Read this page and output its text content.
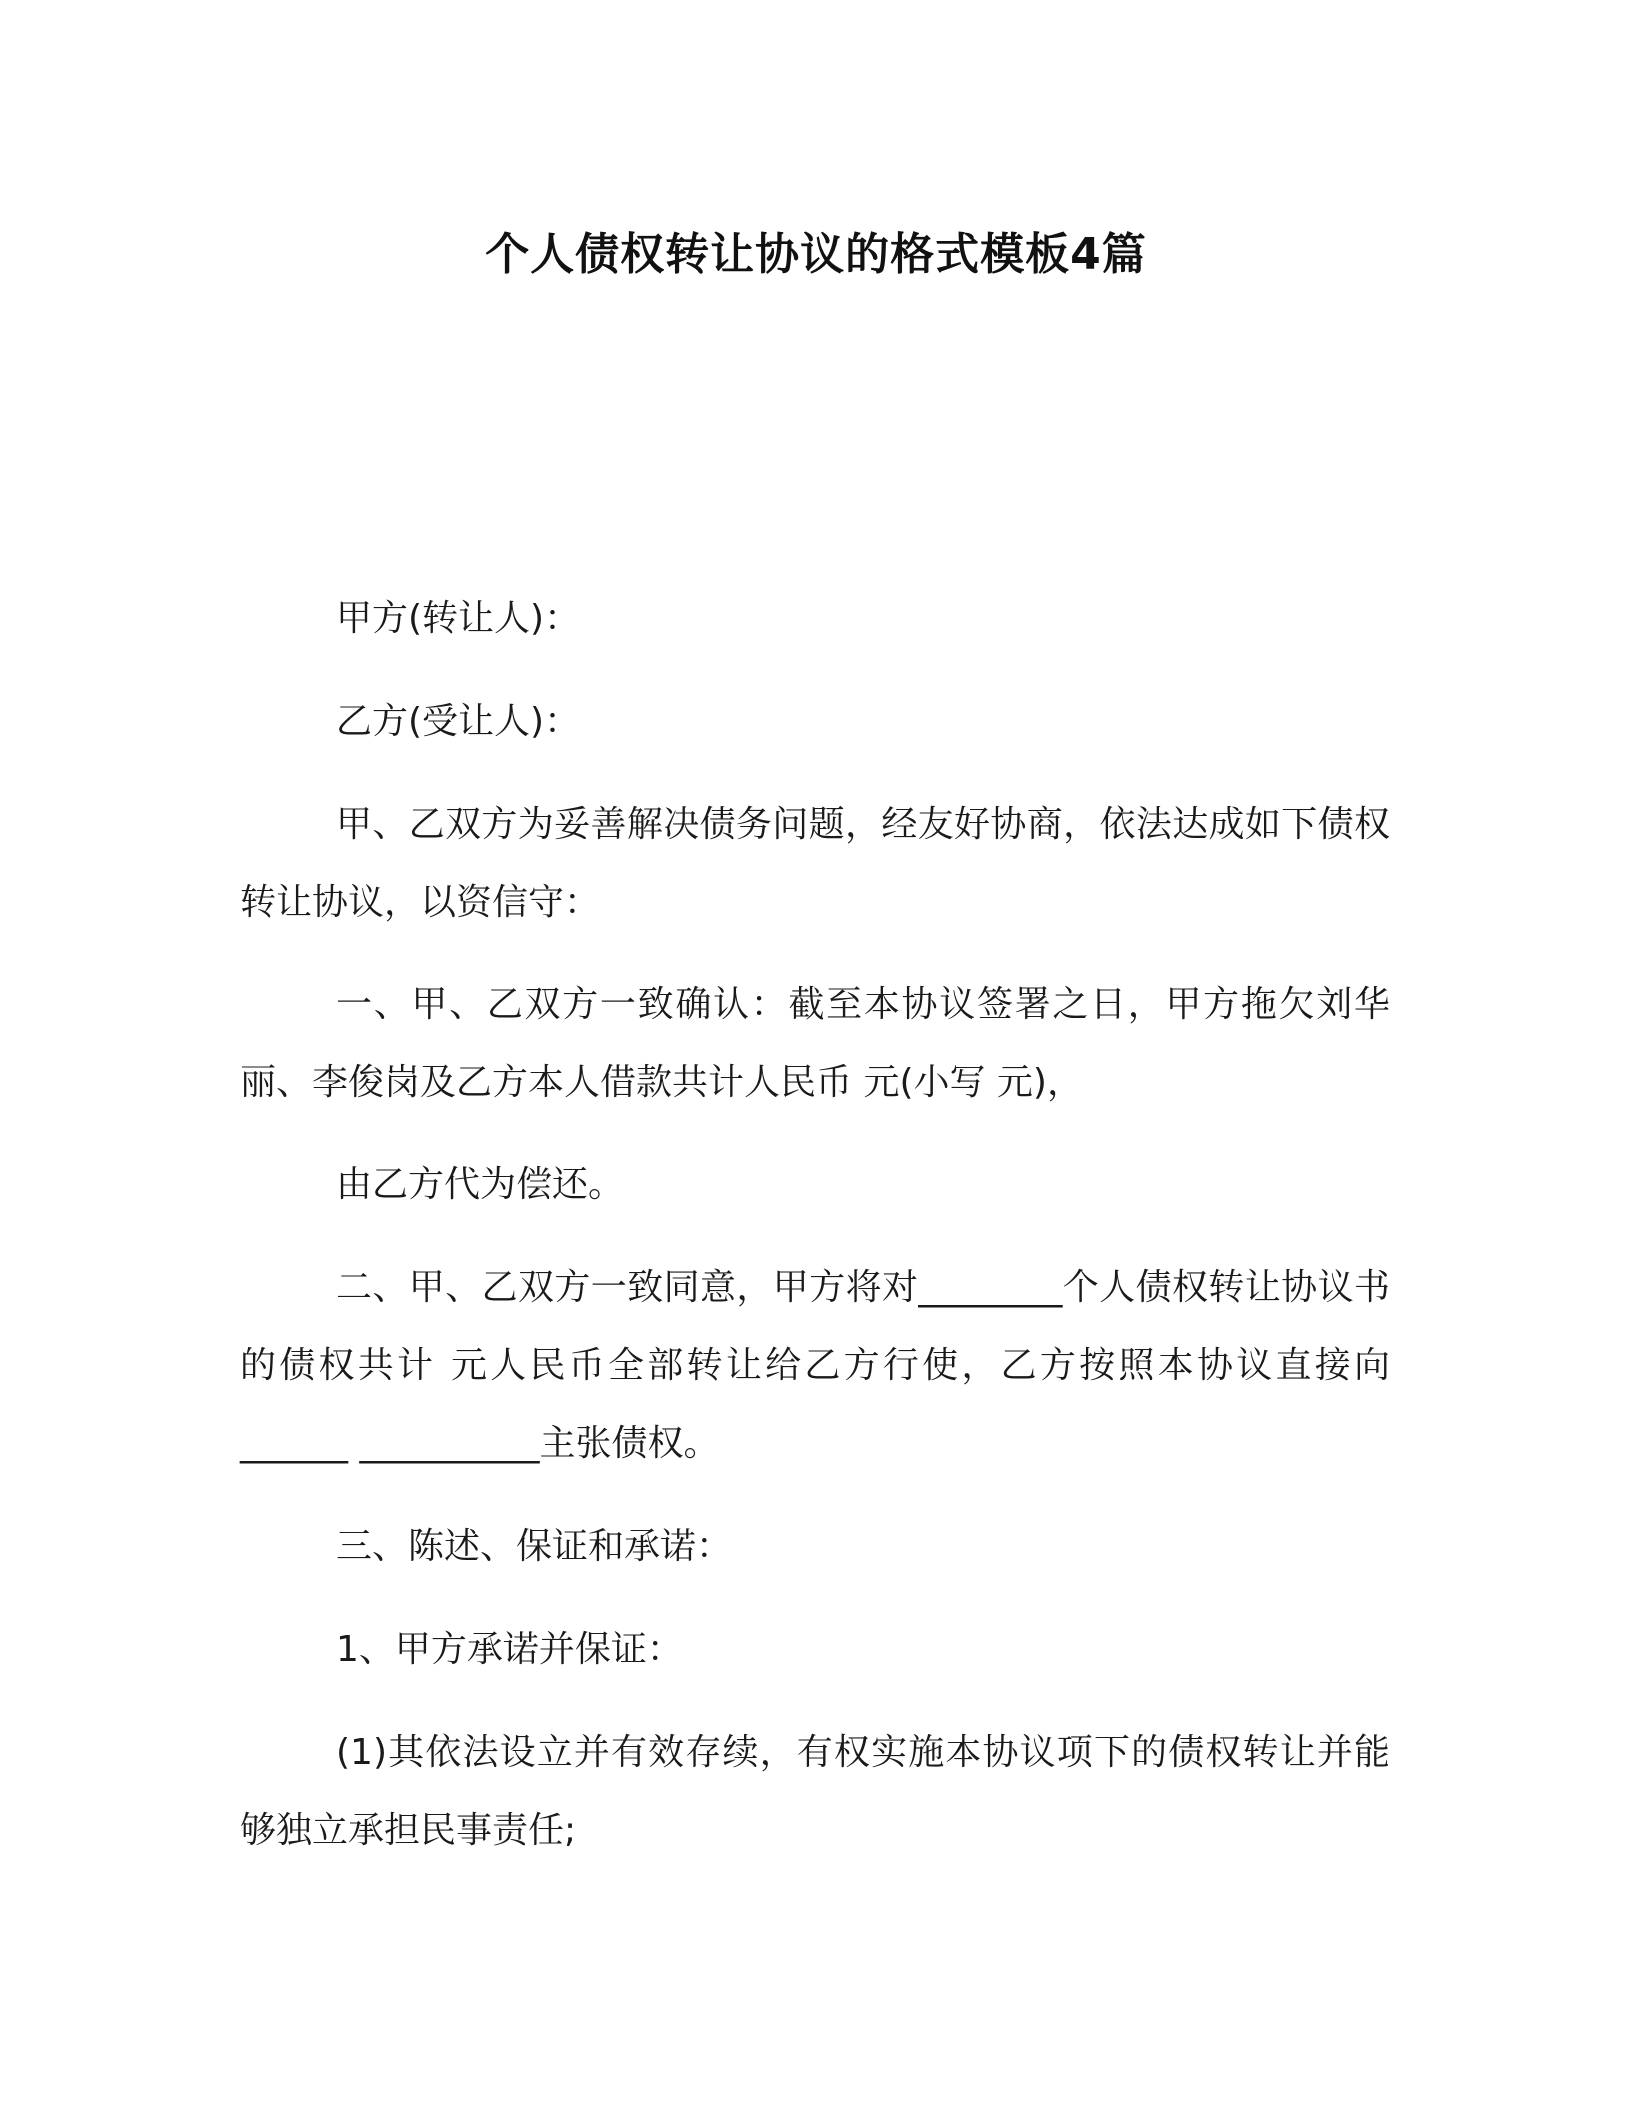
个人债权转让协议的格式模板4篇

甲方(转让人)：

乙方(受让人)：

甲、乙双方为妥善解决债务问题，经友好协商，依法达成如下债权转让协议，以资信守：

一、甲、乙双方一致确认：截至本协议签署之日，甲方拖欠刘华丽、李俊岗及乙方本人借款共计人民币 元(小写 元)，

由乙方代为偿还。

二、甲、乙双方一致同意，甲方将对________个人债权转让协议书的债权共计 元人民币全部转让给乙方行使，乙方按照本协议直接向______ __________主张债权。

三、陈述、保证和承诺：

1、甲方承诺并保证：

(1)其依法设立并有效存续，有权实施本协议项下的债权转让并能够独立承担民事责任;
